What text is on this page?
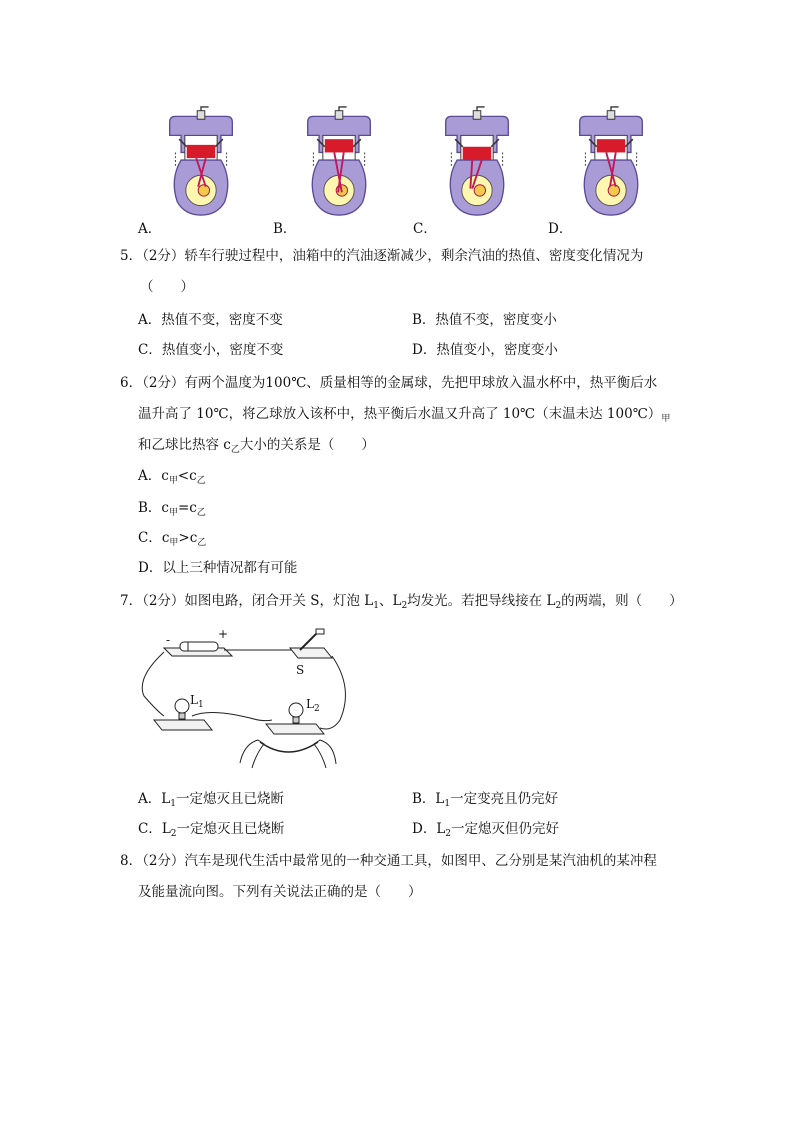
A．	B．	C．	D．
5．（2分）轿车行驶过程中，油箱中的汽油逐渐减少，剩余汽油的热值、密度变化情况为
（　　）
A．热值不变，密度不变	B．热值不变，密度变小
C．热值变小，密度不变	D．热值变小，密度变小
6．（2分）有两个温度为100℃、质量相等的金属球，先把甲球放入温水杯中，热平衡后水
温升高了 10℃，将乙球放入该杯中，热平衡后水温又升高了 10℃（末温未达 $100℃)_甲$
和乙球比热容 $c_乙$大小的关系是（　　）
A．$c_甲<c_乙$
B．$c_甲=c_乙$
C．$c_甲>c_乙$
D．以上三种情况都有可能
7．（2分）如图电路，闭合开关 S，灯泡 $L_1$、$L_2$均发光。若把导线接在 $L_2$的两端，则（　　）
-	+
S
$L_1$	$L_2$
A．$L_1$一定熄灭且已烧断	B．$L_1$一定变亮且仍完好
C．$L_2$一定熄灭且已烧断	D．$L_2$一定熄灭但仍完好
8．（2分）汽车是现代生活中最常见的一种交通工具，如图甲、乙分别是某汽油机的某冲程
及能量流向图。下列有关说法正确的是（　　）
